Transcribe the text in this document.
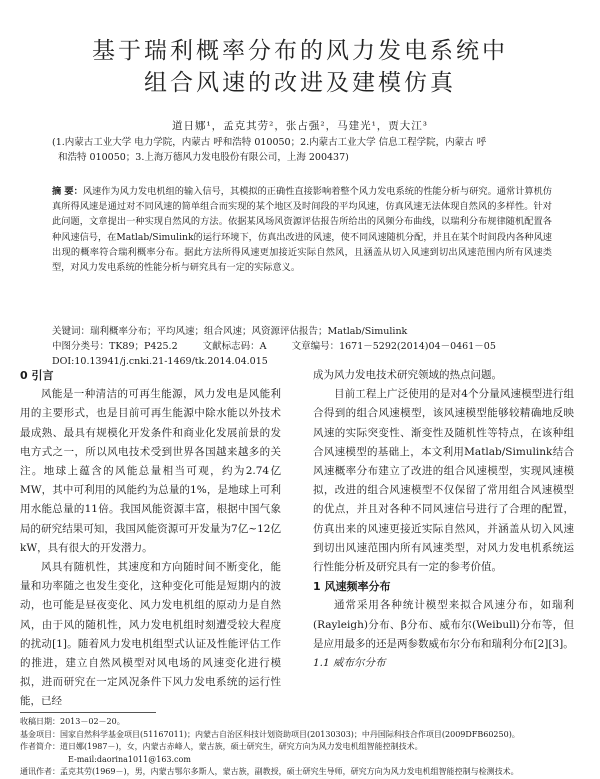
基于瑞利概率分布的风力发电系统中
组合风速的改进及建模仿真
道日娜¹，孟克其劳²，张占强²，马建光¹，贾大江³
(1.内蒙古工业大学 电力学院，内蒙古 呼和浩特 010050；2.内蒙古工业大学 信息工程学院，内蒙古 呼
和浩特 010050；3.上海万德风力发电股份有限公司，上海 200437)
摘 要：风速作为风力发电机组的输入信号，其模拟的正确性直接影响着整个风力发电系统的性能分析与研究。通常计算机仿真所得风速是通过对不同风速的简单组合而实现的某个地区及时间段的平均风速，仿真风速无法体现自然风的多样性。针对此问题，文章提出一种实现自然风的方法。依据某风场风资源评估报告所给出的风频分布曲线，以瑞利分布规律随机配置各种风速信号，在Matlab/Simulink的运行环境下，仿真出改进的风速，使不同风速随机分配，并且在某个时间段内各种风速出现的概率符合瑞利概率分布。据此方法所得风速更加接近实际自然风，且涵盖从切入风速到切出风速范围内所有风速类型，对风力发电系统的性能分析与研究具有一定的实际意义。
关键词：瑞利概率分布；平均风速；组合风速；风资源评估报告；Matlab/Simulink
中图分类号：TK89；P425.2	文献标志码：A	文章编号：1671－5292(2014)04－0461－05
DOI:10.13941/j.cnki.21-1469/tk.2014.04.015
0 引言

风能是一种清洁的可再生能源，风力发电是风能利用的主要形式，也是目前可再生能源中除水能以外技术最成熟、最具有规模化开发条件和商业化发展前景的发电方式之一，所以风电技术受到世界各国越来越多的关注。地球上蕴含的风能总量相当可观，约为2.74亿MW，其中可利用的风能约为总量的1%，是地球上可利用水能总量的11倍。我国风能资源丰富，根据中国气象局的研究结果可知，我国风能资源可开发量为7亿~12亿kW，具有很大的开发潜力。

风具有随机性，其速度和方向随时间不断变化，能量和功率随之也发生变化，这种变化可能是短期内的波动，也可能是昼夜变化、风力发电机组的原动力是自然风，由于风的随机性，风力发电机组时刻遭受较大程度的扰动[1]。随着风力发电机组型式认证及性能评估工作的推进，建立自然风模型对风电场的风速变化进行模拟，进而研究在一定风况条件下风力发电系统的运行性能，已经

成为风力发电技术研究领域的热点问题。

目前工程上广泛使用的是对4个分量风速模型进行组合得到的组合风速模型，该风速模型能够较精确地反映风速的实际突变性、渐变性及随机性等特点，在该种组合风速模型的基础上，本文利用Matlab/Simulink结合风速概率分布建立了改进的组合风速模型，实现风速模拟，改进的组合风速模型不仅保留了常用组合风速模型的优点，并且对各种不同风速信号进行了合理的配置，仿真出来的风速更接近实际自然风，并涵盖从切入风速到切出风速范围内所有风速类型，对风力发电机系统运行性能分析及研究具有一定的参考价值。

1 风速频率分布

通常采用各种统计模型来拟合风速分布，如瑞利(Rayleigh)分布、β分布、威布尔(Weibull)分布等，但是应用最多的还是两参数威布尔分布和瑞利分布[2][3]。

1.1 威布尔分布
收稿日期：2013－02－20。
基金项目：国家自然科学基金项目(51167011)；内蒙古自治区科技计划资助项目(20130303)；中丹国际科技合作项目(2009DFB60250)。
作者简介：道日娜(1987－)，女，内蒙古赤峰人，蒙古族，硕士研究生，研究方向为风力发电机组智能控制技术。
E-mail:daorina1011@163.com
通讯作者：孟克其劳(1969－)，男，内蒙古鄂尔多斯人，蒙古族，副教授，硕士研究生导师，研究方向为风力发电机组智能控制与检测技术。
